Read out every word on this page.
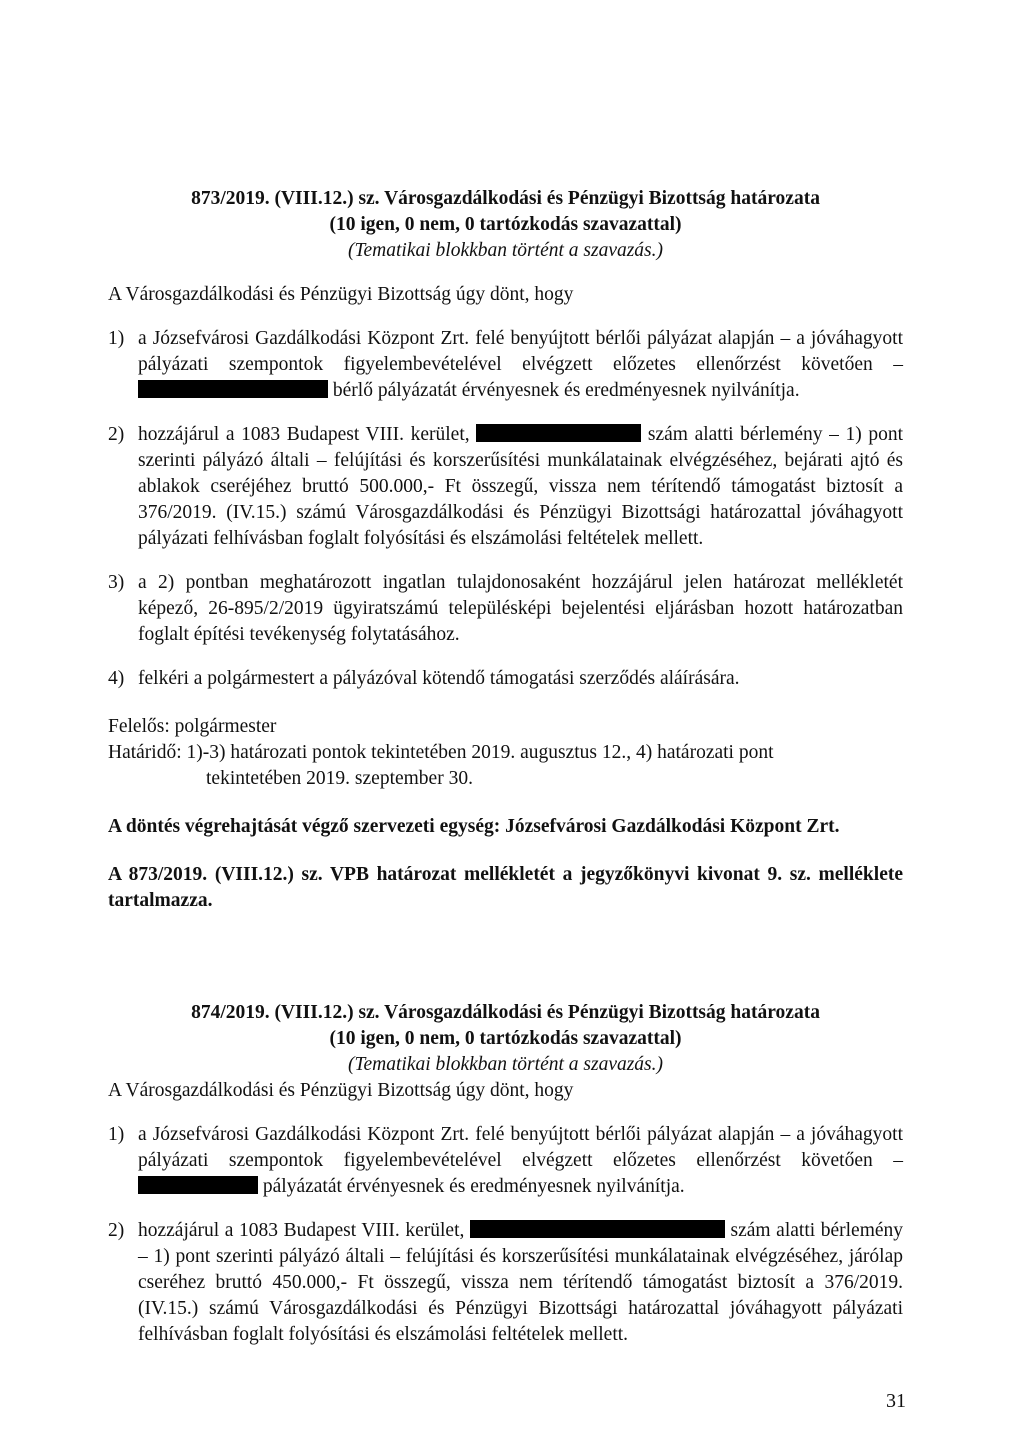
873/2019. (VIII.12.) sz. Városgazdálkodási és Pénzügyi Bizottság határozata
(10 igen, 0 nem, 0 tartózkodás szavazattal)
(Tematikai blokkban történt a szavazás.)
A Városgazdálkodási és Pénzügyi Bizottság úgy dönt, hogy
1) a Józsefvárosi Gazdálkodási Központ Zrt. felé benyújtott bérlői pályázat alapján – a jóváhagyott pályázati szempontok figyelembevételével elvégzett előzetes ellenőrzést követően –  bérlő pályázatát érvényesnek és eredményesnek nyilvánítja.
2) hozzájárul a 1083 Budapest VIII. kerület,	szám alatti bérlemény – 1) pont szerinti pályázó általi – felújítási és korszerűsítési munkálatainak elvégzéséhez, bejárati ajtó és ablakok cseréjéhez bruttó 500.000,- Ft összegű, vissza nem térítendő támogatást biztosít a 376/2019. (IV.15.) számú Városgazdálkodási és Pénzügyi Bizottsági határozattal jóváhagyott pályázati felhívásban foglalt folyósítási és elszámolási feltételek mellett.
3) a 2) pontban meghatározott ingatlan tulajdonosaként hozzájárul jelen határozat mellékletét képező, 26-895/2/2019 ügyiratszámú településképi bejelentési eljárásban hozott határozatban foglalt építési tevékenység folytatásához.
4) felkéri a polgármestert a pályázóval kötendő támogatási szerződés aláírására.
Felelős: polgármester
Határidő: 1)-3) határozati pontok tekintetében 2019. augusztus 12., 4) határozati pont
tekintetében 2019. szeptember 30.
A döntés végrehajtását végző szervezeti egység: Józsefvárosi Gazdálkodási Központ Zrt.
A 873/2019. (VIII.12.) sz. VPB határozat mellékletét a jegyzőkönyvi kivonat 9. sz. melléklete tartalmazza.
874/2019. (VIII.12.) sz. Városgazdálkodási és Pénzügyi Bizottság határozata
(10 igen, 0 nem, 0 tartózkodás szavazattal)
(Tematikai blokkban történt a szavazás.)
A Városgazdálkodási és Pénzügyi Bizottság úgy dönt, hogy
1) a Józsefvárosi Gazdálkodási Központ Zrt. felé benyújtott bérlői pályázat alapján – a jóváhagyott pályázati szempontok figyelembevételével elvégzett előzetes ellenőrzést követően –  pályázatát érvényesnek és eredményesnek nyilvánítja.
2) hozzájárul a 1083 Budapest VIII. kerület,	szám alatti bérlemény – 1) pont szerinti pályázó általi – felújítási és korszerűsítési munkálatainak elvégzéséhez, járólap cseréhez bruttó 450.000,- Ft összegű, vissza nem térítendő támogatást biztosít a 376/2019. (IV.15.) számú Városgazdálkodási és Pénzügyi Bizottsági határozattal jóváhagyott pályázati felhívásban foglalt folyósítási és elszámolási feltételek mellett.
31
